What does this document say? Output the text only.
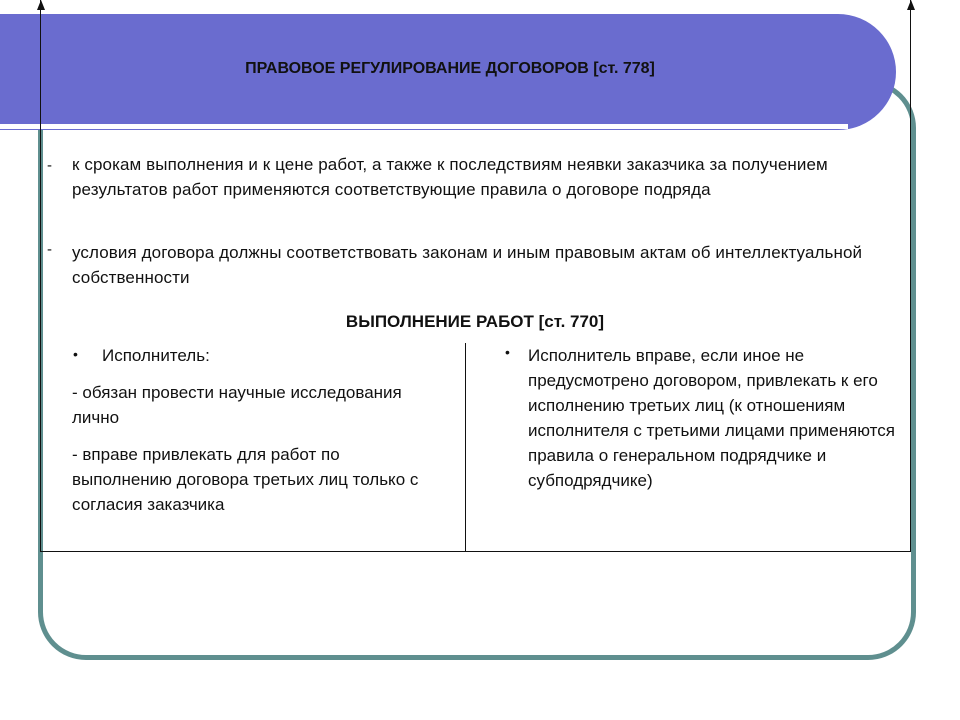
ПРАВОВОЕ РЕГУЛИРОВАНИЕ ДОГОВОРОВ [ст. 778]
- к срокам выполнения и к цене работ, а также к последствиям неявки заказчика за получением результатов работ применяются соответствующие правила о договоре подряда
- условия договора должны соответствовать законам и иным правовым актам об интеллектуальной собственности
ВЫПОЛНЕНИЕ РАБОТ [ст. 770]
• Исполнитель:
- обязан провести научные исследования лично
- вправе привлекать для работ по выполнению договора третьих лиц только с согласия заказчика
• Исполнитель вправе, если иное не предусмотрено договором, привлекать к его исполнению третьих лиц (к отношениям исполнителя с третьими лицами применяются правила о генеральном подрядчике и субподрядчике)
